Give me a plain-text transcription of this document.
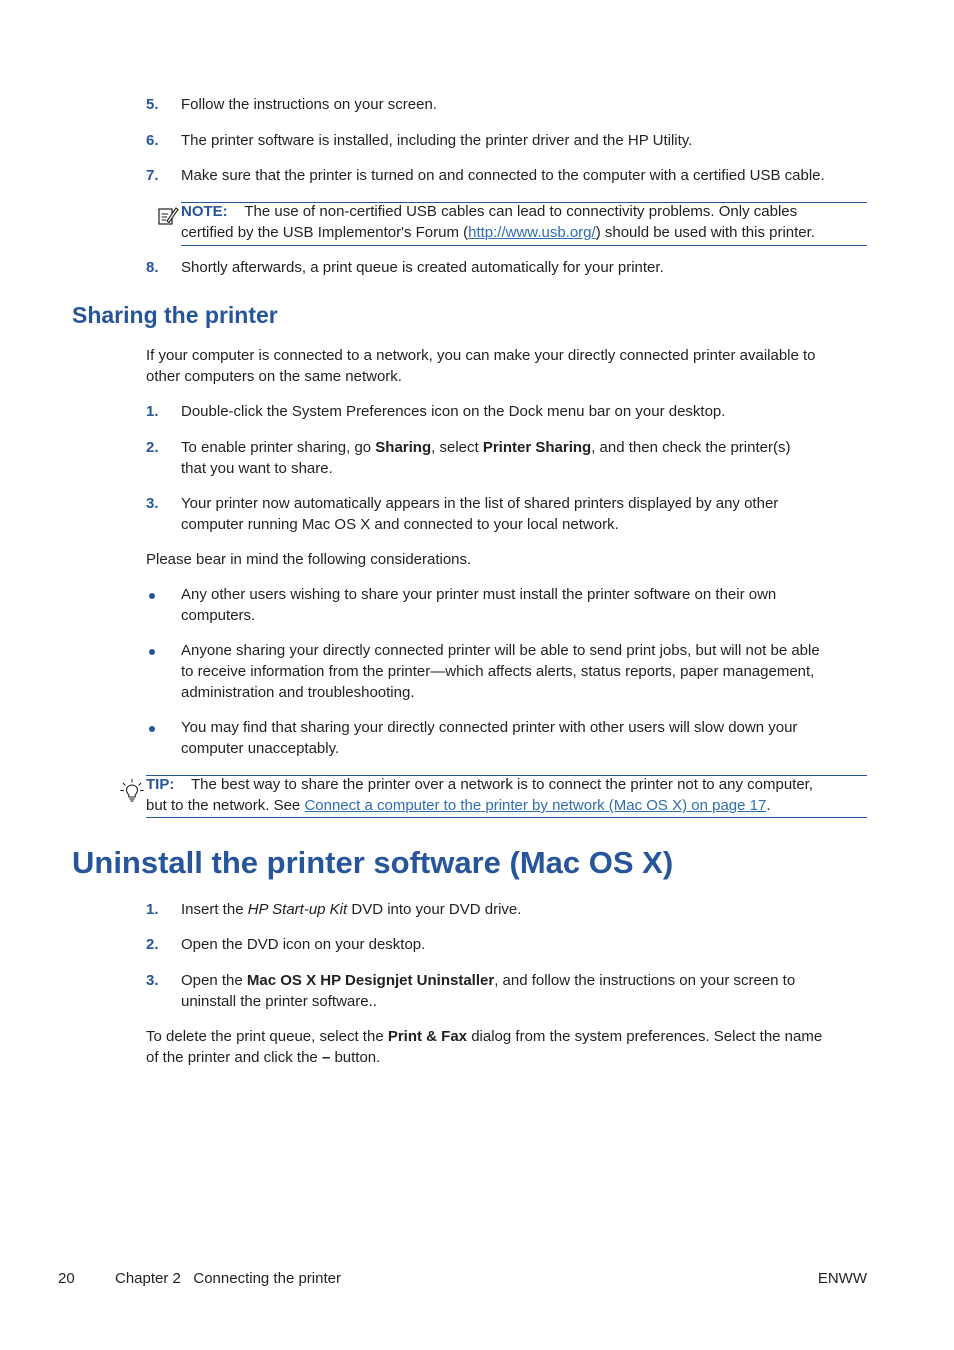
5. Follow the instructions on your screen.
6. The printer software is installed, including the printer driver and the HP Utility.
7. Make sure that the printer is turned on and connected to the computer with a certified USB cable.
NOTE: The use of non-certified USB cables can lead to connectivity problems. Only cables
certified by the USB Implementor's Forum (http://www.usb.org/) should be used with this printer.
8. Shortly afterwards, a print queue is created automatically for your printer.
Sharing the printer
If your computer is connected to a network, you can make your directly connected printer available to
other computers on the same network.
1. Double-click the System Preferences icon on the Dock menu bar on your desktop.
2. To enable printer sharing, go Sharing, select Printer Sharing, and then check the printer(s)
that you want to share.
3. Your printer now automatically appears in the list of shared printers displayed by any other
computer running Mac OS X and connected to your local network.
Please bear in mind the following considerations.
Any other users wishing to share your printer must install the printer software on their own
computers.
Anyone sharing your directly connected printer will be able to send print jobs, but will not be able
to receive information from the printer—which affects alerts, status reports, paper management,
administration and troubleshooting.
You may find that sharing your directly connected printer with other users will slow down your
computer unacceptably.
TIP: The best way to share the printer over a network is to connect the printer not to any computer,
but to the network. See Connect a computer to the printer by network (Mac OS X) on page 17.
Uninstall the printer software (Mac OS X)
1. Insert the HP Start-up Kit DVD into your DVD drive.
2. Open the DVD icon on your desktop.
3. Open the Mac OS X HP Designjet Uninstaller, and follow the instructions on your screen to
uninstall the printer software..
To delete the print queue, select the Print & Fax dialog from the system preferences. Select the name
of the printer and click the – button.
20	Chapter 2   Connecting the printer	ENWW
